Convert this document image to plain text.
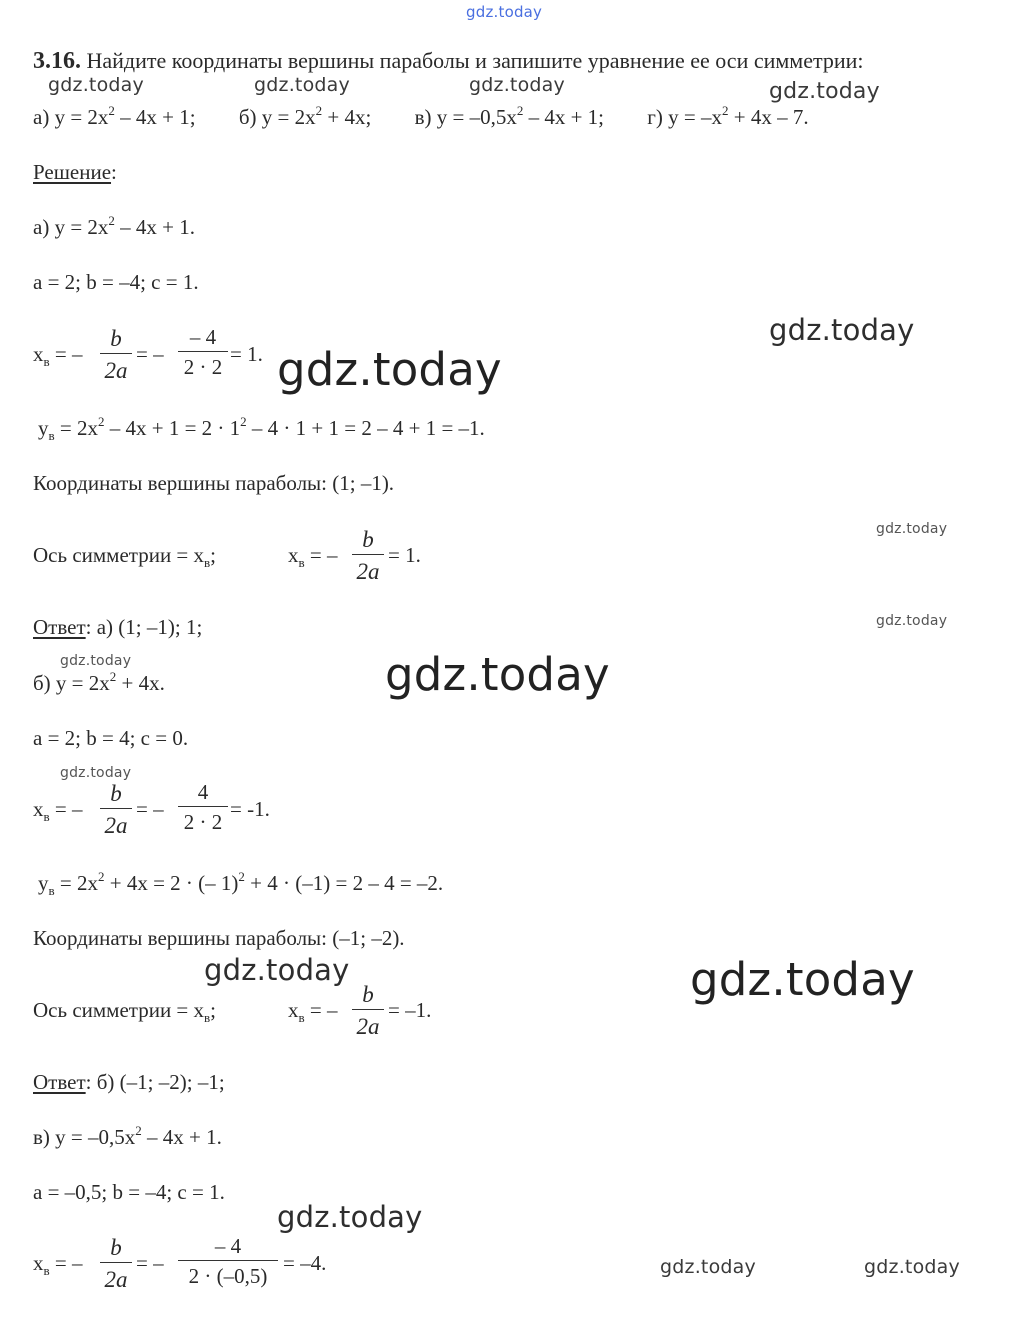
gdz.today
gdz.today	gdz.today	gdz.today	gdz.today
gdz.today
gdz.today
gdz.today
gdz.today
gdz.today	gdz.today
gdz.today
gdz.today	gdz.today
gdz.today
gdz.today	gdz.today
3.16. Найдите координаты вершины параболы и запишите уравнение ее оси симметрии:
а) $y = 2x^2 - 4x + 1$; б) $y = 2x^2 + 4x$; в) $y = -0,5x^2 - 4x + 1$; г) $y = -x^2 + 4x - 7$.
Решение:
а) $y = 2x^2 - 4x + 1$.
a = 2; b = –4; c = 1.
$x_в$ = – $\frac{b}{2a}$ = – $\frac{- 4}{2 \cdot 2} = 1$.
$y_в = 2x^2 - 4x + 1 = 2 \cdot 1^2 - 4 \cdot 1 + 1 = 2 - 4 + 1 = -1$.
Координаты вершины параболы: (1; –1).
Ось симметрии = $x_в$;	$x_в$ = – $\frac{b}{2a} = 1$.
Ответ: а) (1; –1); 1;
б) $y = 2x^2 + 4x$.
a = 2; b = 4; c = 0.
$x_в$ = – $\frac{b}{2a}$ = – $\frac{4}{2 \cdot 2} = -1$.
$y_в = 2x^2 + 4x = 2$ · (– 1)$^2$ + 4 · (–1) = 2 – 4 = –2.
Координаты вершины параболы: (–1; –2).
Ось симметрии = $x_в$;	$x_в$ = – $\frac{b}{2a} = -1$.
Ответ: б) (–1; –2); –1;
в) $y = -0,5x^2 - 4x + 1$.
a = –0,5; b = –4; c = 1.
$x_в$ = – $\frac{b}{2a}$ = – $\frac{- 4}{2 \cdot (-0,5)} = -4$.
